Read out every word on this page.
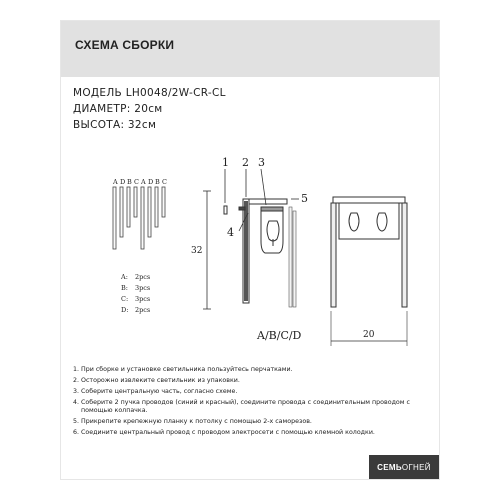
СХЕМА СБОРКИ
МОДЕЛЬ LH0048/2W-CR-CL
ДИАМЕТР: 20см
ВЫСОТА: 32см
A D B C A D B C
1 2 3
4
5
32
20
A/B/C/D
A:	2pcs
B:	3pcs
C:	3pcs
D:	2pcs
1. При сборке и установке светильника пользуйтесь перчатками.
2. Осторожно извлеките светильник из упаковки.
3. Соберите центральную часть, согласно схеме.
4. Соберите 2 пучка проводов (синий и красный), соедините провода с соединительным проводом с помощью колпачка.
5. Прикрепите крепежную планку к потолку с помощью 2-х саморезов.
6. Соедините центральный провод с проводом электросети с помощью клемной колодки.
СЕМЬ ОГНЕЙ
